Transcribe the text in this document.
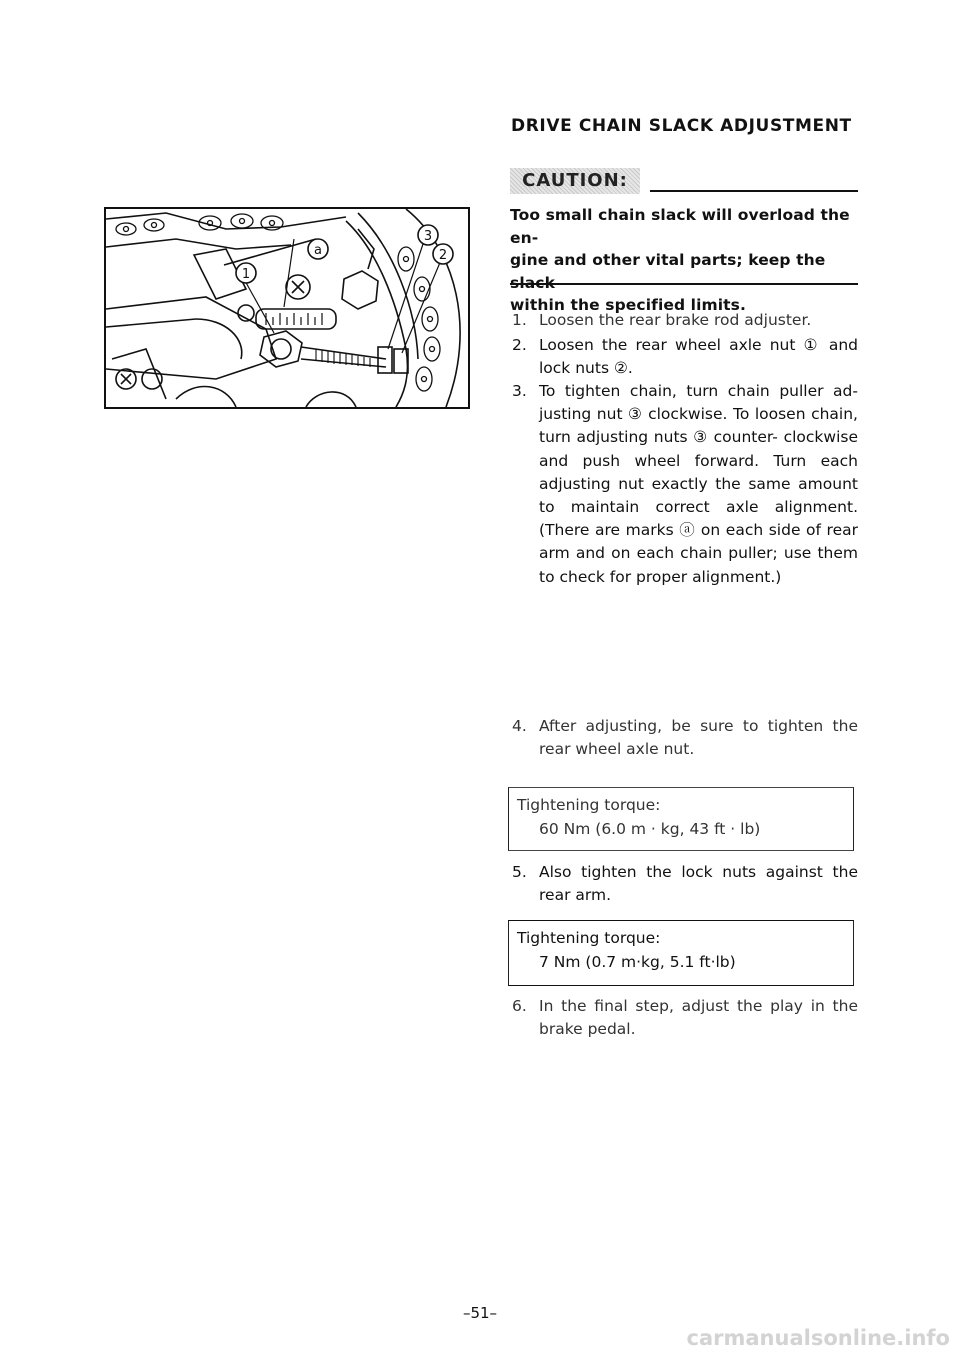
a
3
2
1
DRIVE CHAIN SLACK ADJUSTMENT
CAUTION:
Too small chain slack will overload the en-
gine and other vital parts; keep the slack
within the specified limits.
1. Loosen the rear brake rod adjuster.
2. Loosen the rear wheel axle nut ① and lock nuts ②.
3. To tighten chain, turn chain puller ad- justing nut ③ clockwise. To loosen chain, turn adjusting nuts ③ counter- clockwise and push wheel forward. Turn each adjusting nut exactly the same amount to maintain correct axle alignment. (There are marks ⓐ on each side of rear arm and on each chain puller; use them to check for proper alignment.)
4. After adjusting, be sure to tighten the rear wheel axle nut.
Tightening torque:
60 Nm (6.0 m · kg, 43 ft · lb)
5. Also tighten the lock nuts against the rear arm.
Tightening torque:
7 Nm (0.7 m·kg, 5.1 ft·lb)
6. In the final step, adjust the play in the brake pedal.
–51–
carmanualsonline.info
